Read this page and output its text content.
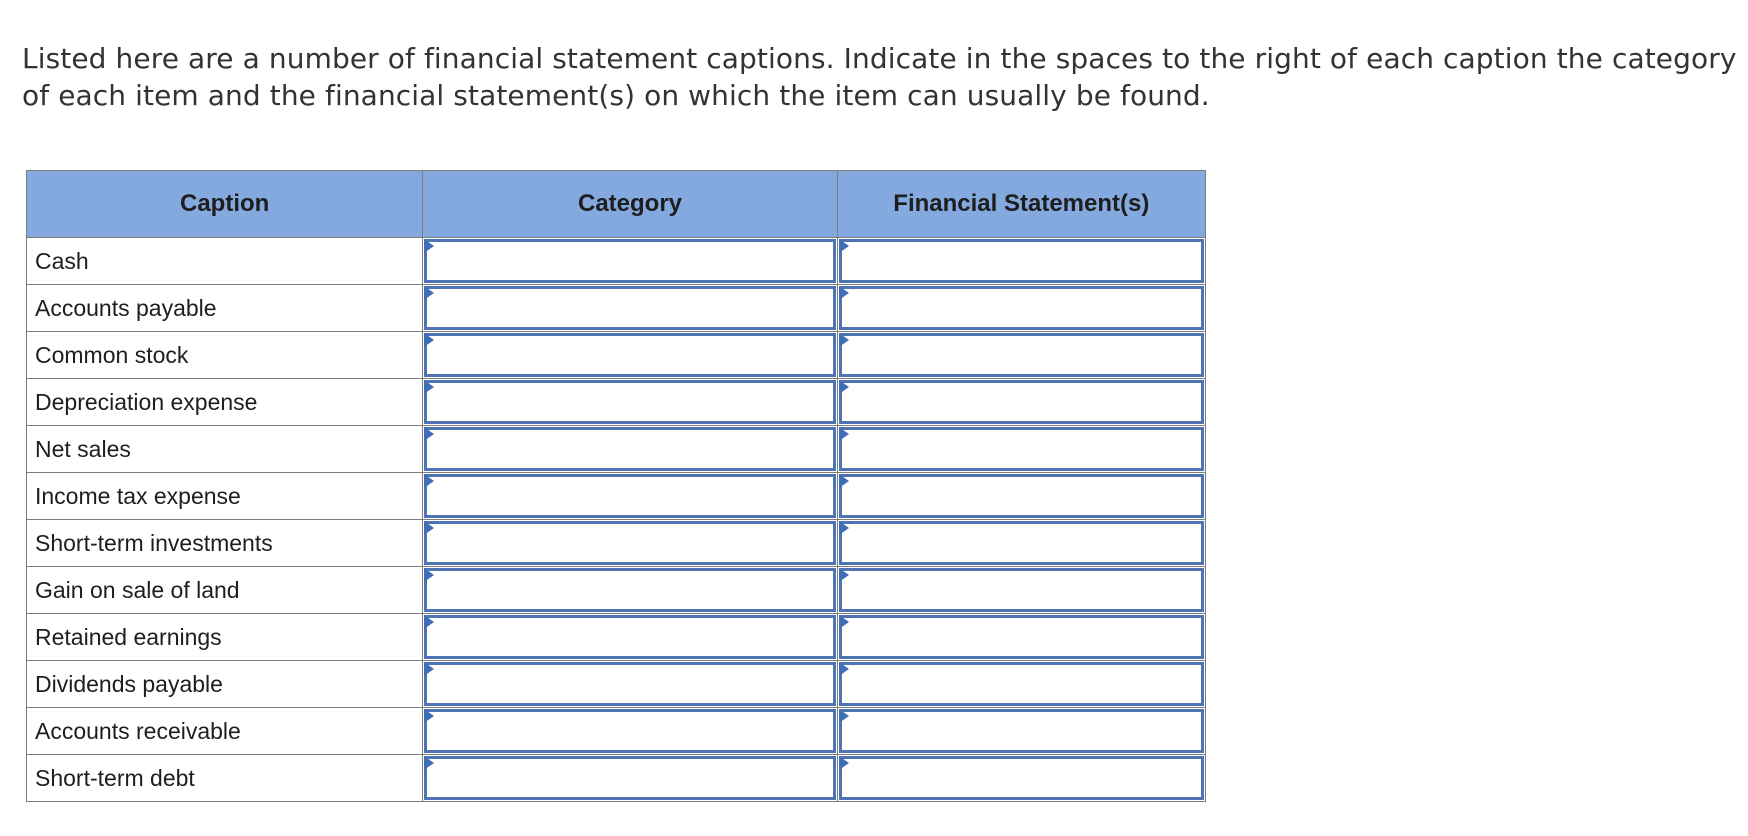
Listed here are a number of financial statement captions. Indicate in the spaces to the right of each caption the category of each item and the financial statement(s) on which the item can usually be found.
Caption	Category	Financial Statement(s)
Cash	

Accounts payable	

Common stock	

Depreciation expense	

Net sales	

Income tax expense	

Short-term investments	

Gain on sale of land	

Retained earnings	

Dividends payable	

Accounts receivable	

Short-term debt	
